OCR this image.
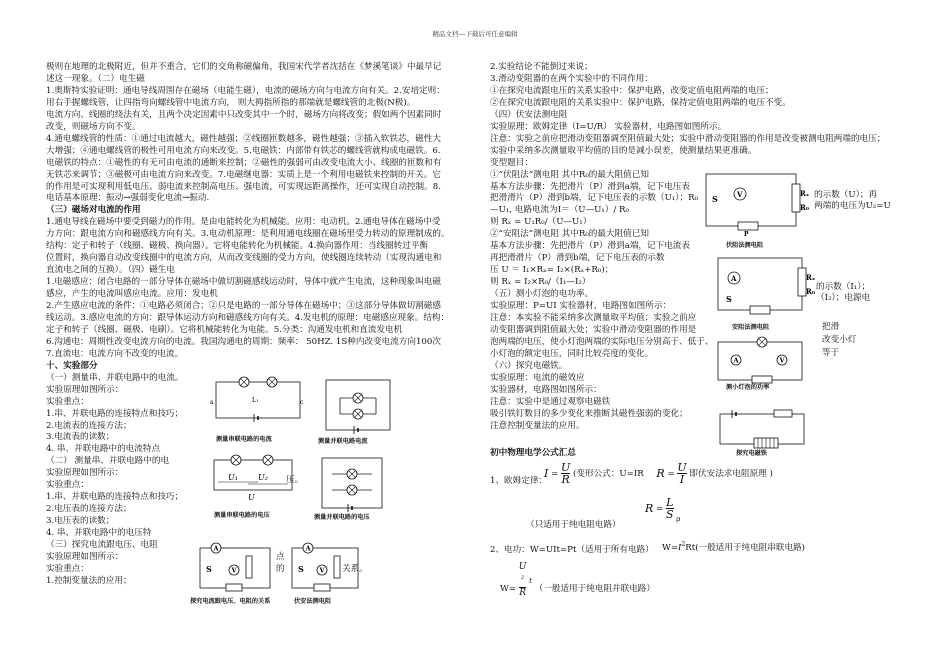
精品文档---下载后可任意编辑
极则在地理的北极附近，但并不重合，它们的交角称磁偏角，我国宋代学者沈括在《梦溪笔谈》中最早记
述这一现象。（二）电生磁
1.奥斯特实验证明：通电导线周围存在磁场（电能生磁），电流的磁场方向与电流方向有关。2.安培定则：
用右手握螺线管，让四指弯向螺线管中电流方向， 则大拇指所指的那端就是螺线管的北极(N极)。
电流方向、线圈的绕法有关，且两个决定因素中只改变其中一个时，磁场方向将改变；假如两个因素同时
改变，则磁场方向不变。
4.通电螺线管的性质：①通过电流越大，磁性越强；②线圈匝数越多，磁性越强；③插入软铁芯，磁性大
大增强；④通电螺线管的极性可用电流方向来改变。5.电磁铁：内部带有铁芯的螺线管就构成电磁铁。6.
电磁铁的特点：①磁性的有无可由电流的通断来控制；②磁性的强弱可由改变电流大小、线圈的匝数和有
无铁芯来调节；③磁极可由电流方向来改变。7.电磁继电器：实质上是一个利用电磁铁来控制的开关。它
的作用是可实现利用低电压、弱电流来控制高电压、强电流，可实现远距离操作，还可实现自动控制。8.
电话基本原理：振动→强弱变化电流→振动.
（三）磁场对电流的作用
1.通电导线在磁场中要受到磁力的作用。是由电能转化为机械能。应用：电动机。2.通电导体在磁场中受
力方向：跟电流方向和磁感线方向有关。3.电动机原理：是利用通电线圈在磁场里受力转动的原理制成的。
结构：定子和转子（线圈、磁极、换向器）。它将电能转化为机械能。4.换向器作用：当线圈转过平衡
位置时，换向器自动改变线圈中的电流方向，从而改变线圈的受力方向，使线圈连续转动（实现沟通电和
直流电之间的互换）。（四）磁生电
1.电磁感应：闭合电路的一部分导体在磁场中做切割磁感线运动时，导体中就产生电流，这种现象叫电磁
感应，产生的电流叫感应电流。应用：发电机
2.产生感应电流的条件：①电路必须闭合；②只是电路的一部分导体在磁场中；③这部分导体做切割磁感
线运动。3.感应电流的方向：跟导体运动方向和磁感线方向有关。4.发电机的原理：电磁感应现象。结构：
定子和转子（线圈、磁极、电刷）。它将机械能转化为电能。5.分类：沟通发电机和直流发电机
6.沟通电：周期性改变电流方向的电流。我国沟通电的周期：频率： 50HZ. 1S种内改变电流方向100次
7.直流电：电流方向不改变的电流。
十、实验部分
（一）测量串、并联电路中的电流。
实验原理如图所示：
实验重点：
1.串、并联电路的连接特点和技巧；
2.电流表的连接方法；
3.电流表的读数；
4. 串、并联电路中的电流特点
（二） 测量串、并联电路中的电
实验原理如图所示：
实验重点：
1.串、并联电路的连接特点和技巧；
2.电压表的连接方法；
3.电压表的读数；
4. 串、并联电路中的电压特
（三）探究电流跟电压、电阻
实验原理如图所示：
实验重点：
1.控制变量法的应用；
2.实验结论不能倒过来说；
3.滑动变阻器的在两个实验中的不同作用：
①在探究电流跟电压的关系实验中：保护电路，改变定值电阻两端的电压；
②在探究电流跟电阻的关系实验中：保护电路，保持定值电阻两端的电压不变。
（四）伏安法测电阻
实验原理：欧姆定律（I=U/R） 实验器材，电路图如图所示。
注意：实验之前应把滑动变阻器调至阻值最大处；实验中滑动变阻器的作用是改变被测电阻两端的电压；
实验中采纳多次测量取平均值的目的是减小误差，使测量结果更准确。
变型题目：
①“伏阻法”测电阻 其中R₀的最大阻值已知
基本方法步骤：先把滑片（P）滑到a端，记下电压表
把滑滑片（P）滑到b端，记下电压表的示数（U₁）；R₀
—U₁, 电路电流为I＝（U—U₁）/ R₀
则 Rₓ = U₁R₀/（U—U₁）
②“安阻法”测电阻 其中R₀的最大阻值已知
基本方法步骤：先把滑片（P）滑到a端，记下电流表
再把滑滑片（P）滑到b端，记下电压表的示数
压 U ＝ I₁×Rₓ= I₂×(Rₓ+R₀)；
则 Rₓ = I₂×R₀/（I₁—I₂）
（五）测小灯泡的电功率。
实验原理：P=UI 实验器材，电路图如图所示：
注意：本实验不能采纳多次测量取平均值；实验之前应
动变阻器调到阻值最大处；实验中滑动变阻器的作用是
泡两端的电压，使小灯泡两端的实际电压分别高于、低于、
小灯泡的额定电压，同时比较亮度的变化。
（六）探究电磁铁。
实验原理：电流的磁效应
实验器材，电路图如图所示：
注意：实验中是通过观察电磁铁
吸引铁钉数目的多少变化来推断其磁性强弱的变化；
注意控制变量法的应用。
初中物理电学公式汇总
压。
点
的	关系。
的示数（U）；再
两端的电压为U₂=U
的示数（I₁）；
（I₂）；电源电
把滑
改变小灯
等于
a	c
L₁
测量串联电路的电流	测量并联电路电流
U₁	U₂
U
测量串联电路的电压	测量并联电路的电压
A
V
S
探究电流跟电压、电阻的关系
A
V
S
伏安法测电阻
V	Rₓ
R₀
P
S
伏阻法测电阻
A	Rₓ
R₀
S
安阻法测电阻
A	V
测小灯泡的功率
探究电磁铁
1、欧姆定律：
$I = \frac{U}{R}$ (变形公式：U=IR $R = \frac{U}{I}$ 即伏安法求电阻原理 )
$R = \frac{L}{S} _\rho$
（只适用于纯电阻电路）
2、电功：W=UIt=Pt（适用于所有电路） $W=I^2Rt$(一般适用于纯电阻串联电路)
W= U
$^2$
R t （一般适用于纯电阻并联电路）
